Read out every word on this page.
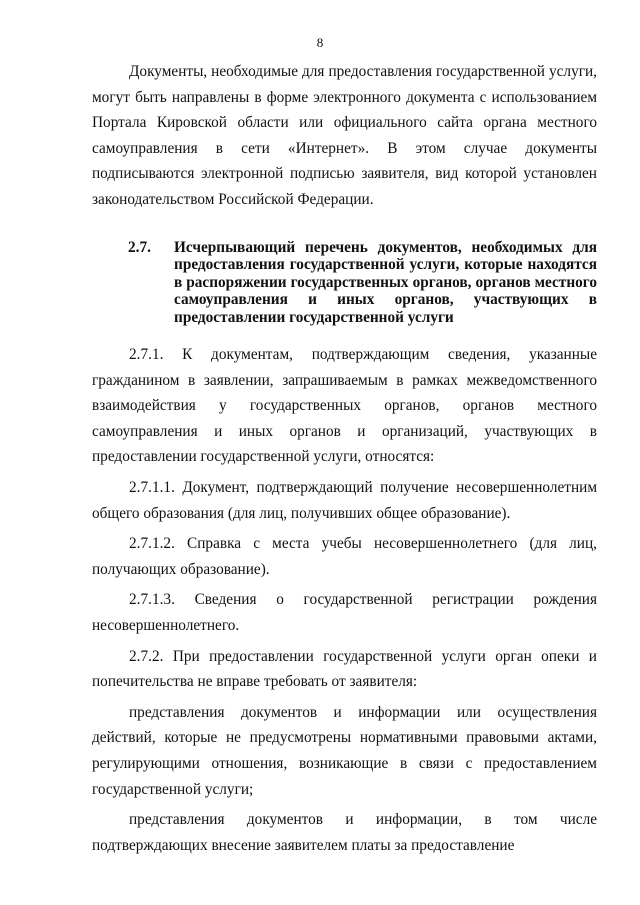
8

Документы, необходимые для предоставления государственной услуги, могут быть направлены в форме электронного документа с использованием Портала Кировской области или официального сайта органа местного самоуправления в сети «Интернет». В этом случае документы подписываются электронной подписью заявителя, вид которой установлен законодательством Российской Федерации.

2.7.	Исчерпывающий перечень документов, необходимых для предоставления государственной услуги, которые находятся в распоряжении государственных органов, органов местного самоуправления и иных органов, участвующих в предоставлении государственной услуги

2.7.1. К документам, подтверждающим сведения, указанные гражданином в заявлении, запрашиваемым в рамках межведомственного взаимодействия у государственных органов, органов местного самоуправления и иных органов и организаций, участвующих в предоставлении государственной услуги, относятся:

2.7.1.1. Документ, подтверждающий получение несовершеннолетним общего образования (для лиц, получивших общее образование).

2.7.1.2. Справка с места учебы несовершеннолетнего (для лиц, получающих образование).

2.7.1.3. Сведения о государственной регистрации рождения несовершеннолетнего.

2.7.2. При предоставлении государственной услуги орган опеки и попечительства не вправе требовать от заявителя:

представления документов и информации или осуществления действий, которые не предусмотрены нормативными правовыми актами, регулирующими отношения, возникающие в связи с предоставлением государственной услуги;

представления документов и информации, в том числе подтверждающих внесение заявителем платы за предоставление
